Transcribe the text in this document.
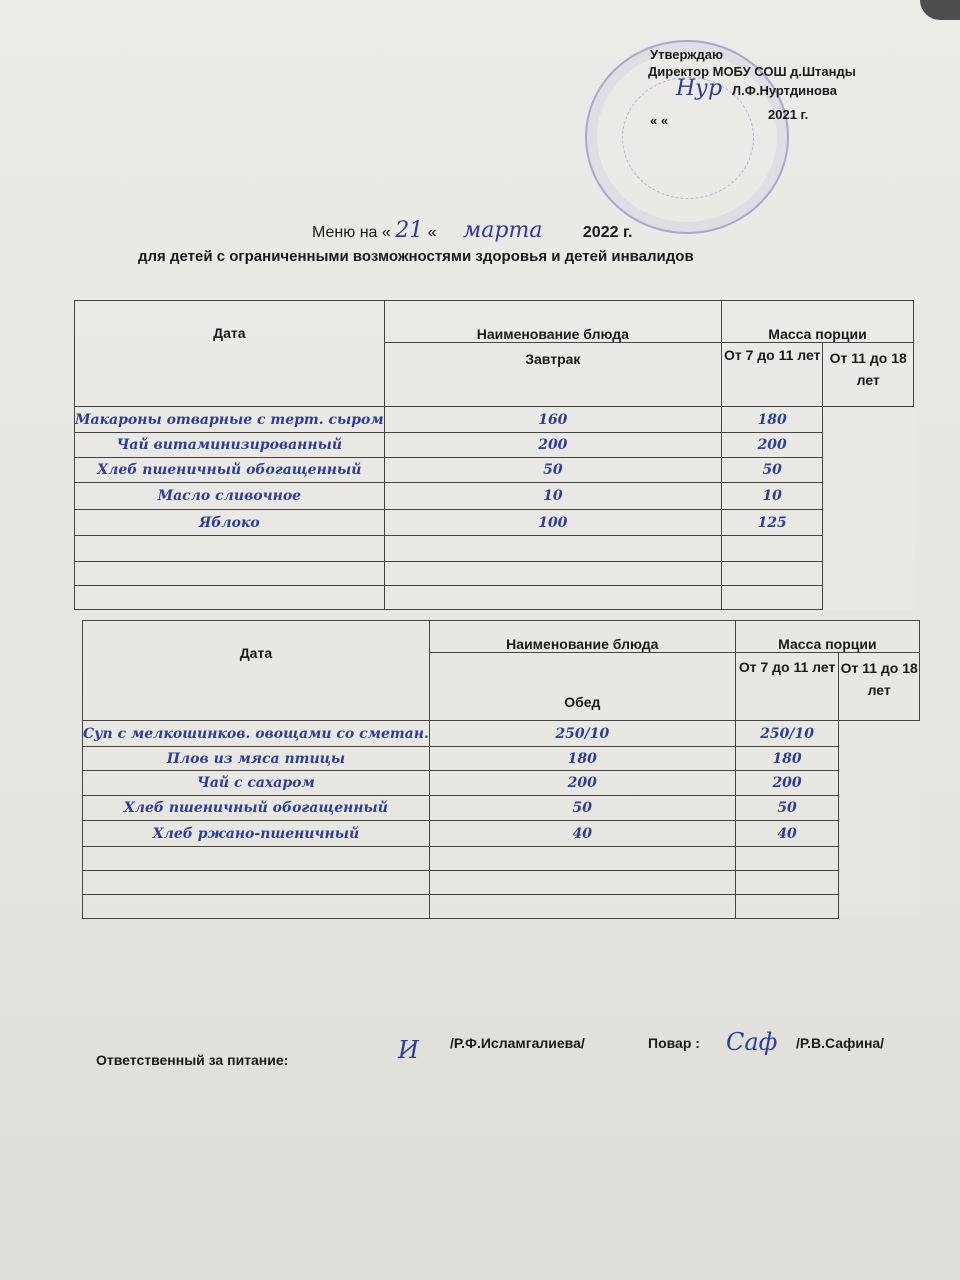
Утверждаю
Директор МОБУ СОШ д.Штанды
Л.Ф.Нуртдинова
« «	2021 г.
Нур
Меню на « 21 « марта	2022 г.
для детей с ограниченными возможностями здоровья и детей инвалидов
Дата	Наименование блюда	Масса порции	
	Завтрак	От 7 до 11 лет	От 11 до 18 лет
Макароны отварные с терт. сыром	160	180	
Чай витаминизированный	200	200	
Хлеб пшеничный обогащенный	50	50	
Масло сливочное	10	10	
Яблоко	100	125	

Дата	Наименование блюда	Масса порции	
	Обед	От 7 до 11 лет	От 11 до 18 лет
Суп с мелкошинков. овощами со сметан.	250/10	250/10	
Плов из мяса птицы	180	180	
Чай с сахаром	200	200	
Хлеб пшеничный обогащенный	50	50	
Хлеб ржано-пшеничный	40	40	

Ответственный за питание:	И /Р.Ф.Исламгалиева/	Повар : Саф /Р.В.Сафина/
